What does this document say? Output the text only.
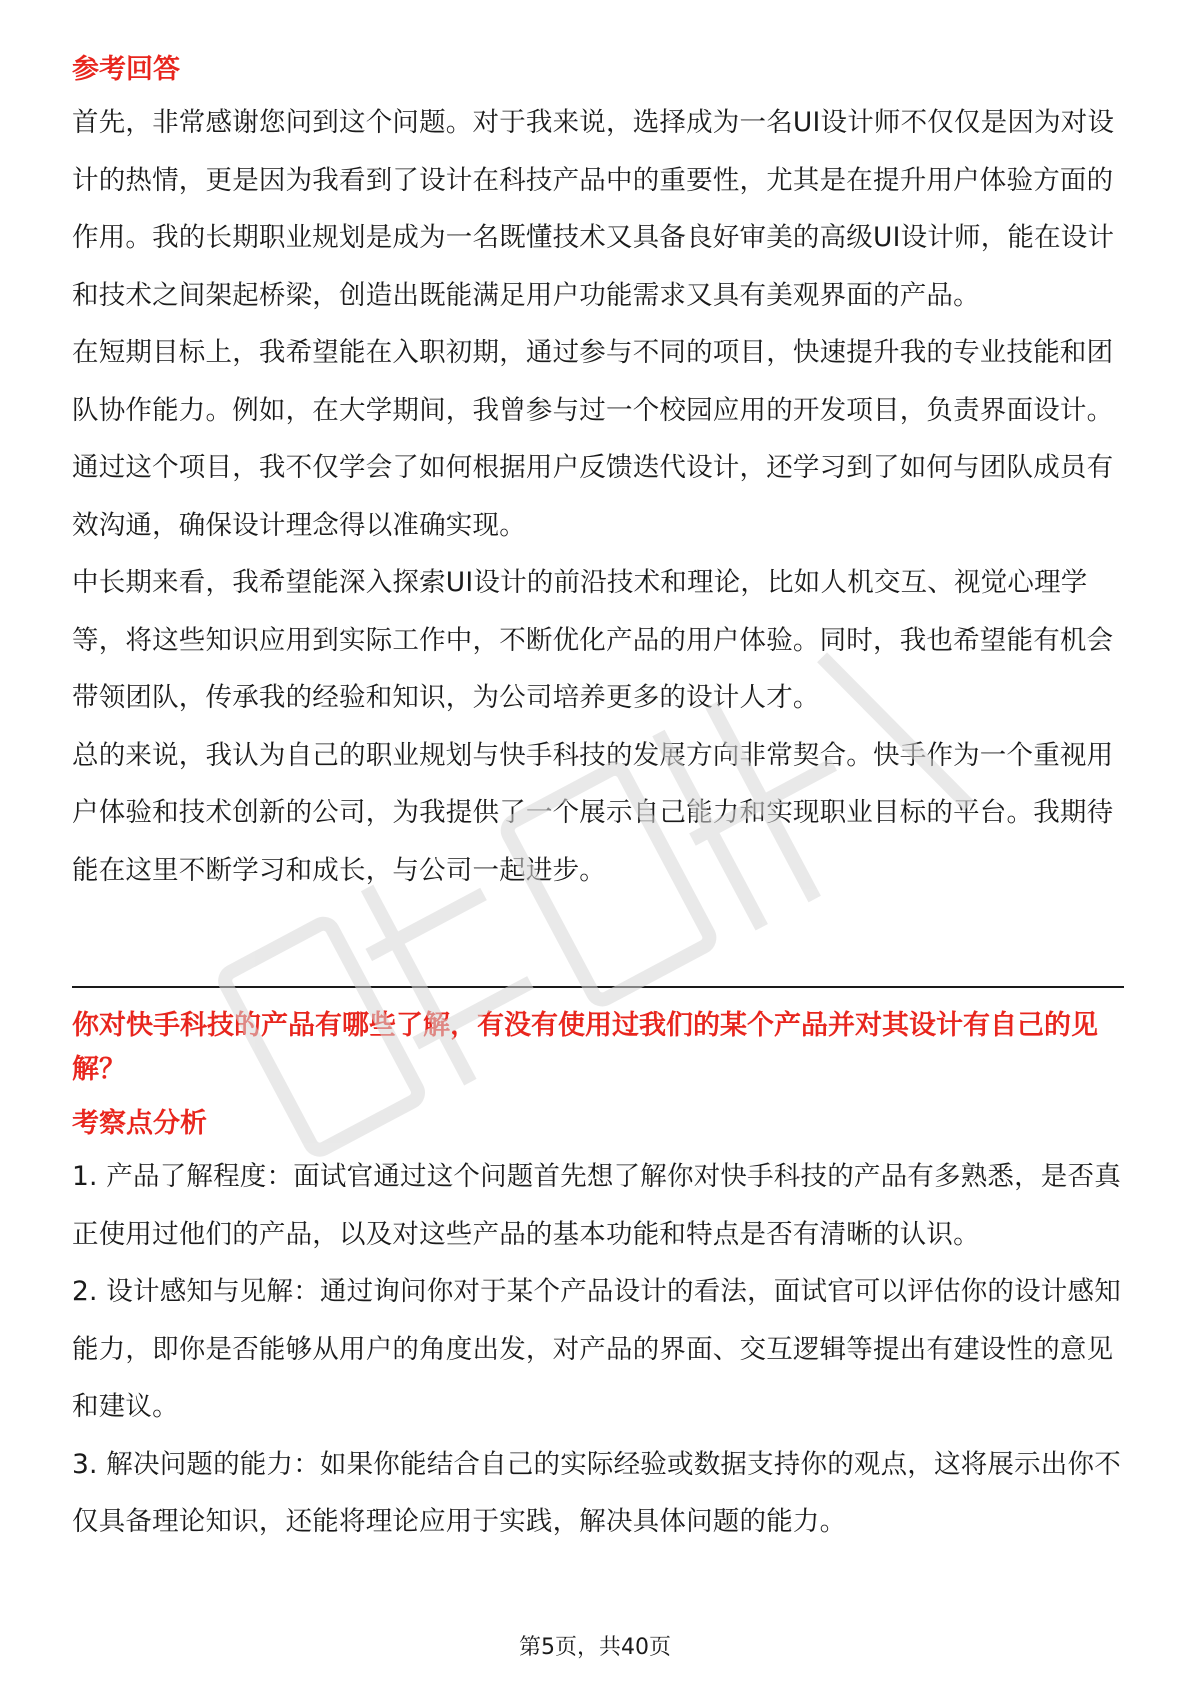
参考回答

首先，非常感谢您问到这个问题。对于我来说，选择成为一名UI设计师不仅仅是因为对设计的热情，更是因为我看到了设计在科技产品中的重要性，尤其是在提升用户体验方面的作用。我的长期职业规划是成为一名既懂技术又具备良好审美的高级UI设计师，能在设计和技术之间架起桥梁，创造出既能满足用户功能需求又具有美观界面的产品。

在短期目标上，我希望能在入职初期，通过参与不同的项目，快速提升我的专业技能和团队协作能力。例如，在大学期间，我曾参与过一个校园应用的开发项目，负责界面设计。通过这个项目，我不仅学会了如何根据用户反馈迭代设计，还学习到了如何与团队成员有效沟通，确保设计理念得以准确实现。

中长期来看，我希望能深入探索UI设计的前沿技术和理论，比如人机交互、视觉心理学等，将这些知识应用到实际工作中，不断优化产品的用户体验。同时，我也希望能有机会带领团队，传承我的经验和知识，为公司培养更多的设计人才。

总的来说，我认为自己的职业规划与快手科技的发展方向非常契合。快手作为一个重视用户体验和技术创新的公司，为我提供了一个展示自己能力和实现职业目标的平台。我期待能在这里不断学习和成长，与公司一起进步。

你对快手科技的产品有哪些了解，有没有使用过我们的某个产品并对其设计有自己的见解？
考察点分析

1. 产品了解程度：面试官通过这个问题首先想了解你对快手科技的产品有多熟悉，是否真正使用过他们的产品，以及对这些产品的基本功能和特点是否有清晰的认识。

2. 设计感知与见解：通过询问你对于某个产品设计的看法，面试官可以评估你的设计感知能力，即你是否能够从用户的角度出发，对产品的界面、交互逻辑等提出有建设性的意见和建议。

3. 解决问题的能力：如果你能结合自己的实际经验或数据支持你的观点，这将展示出你不仅具备理论知识，还能将理论应用于实践，解决具体问题的能力。

第5页，共40页
